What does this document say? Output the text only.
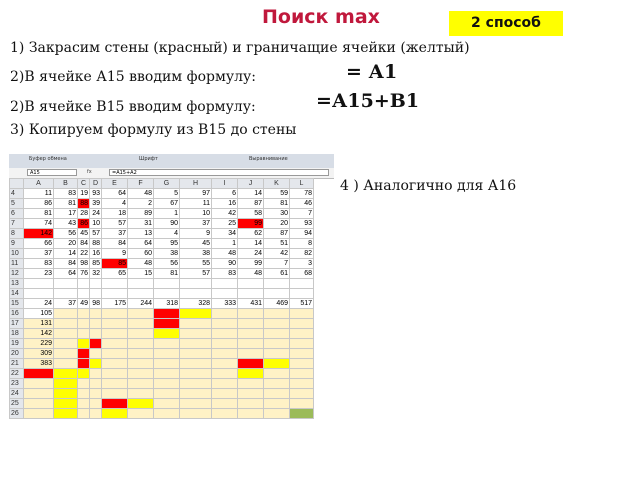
Поиск max	2 способ
1) Закрасим стены (красный) и граничащие ячейки (желтый)
2)В ячейке А15 вводим формулу:	= А1
2)В ячейке В15 вводим формулу:	=А15+В1
3) Копируем формулу из В15 до стены
4 ) Аналогично для А16
Буфер обмена	Шрифт	Выравнивание
А15	fx	=А15+А2
	A	B	C	D	E	F	G	H	I	J	K	L
4	11	83	19	93	64	48	5	97	6	14	59	78
5	86	81	88	39	4	2	67	11	16	87	81	46
6	81	17	28	24	18	89	1	10	42	58	30	7
7	74	43	86	10	57	31	90	37	25	99	20	93
8	142	56	45	57	37	13	4	9	34	62	87	94
9	66	20	84	88	84	64	95	45	1	14	51	8
10	37	14	22	16	9	60	38	38	48	24	42	82
11	83	84	98	85	85	48	56	55	90	99	7	3
12	23	64	76	32	65	15	81	57	83	48	61	68
13												
14												
15	24	37	49	98	175	244	318	328	333	431	469	517
16	105											
17	131											
18	142											
19	229											
20	309											
21	383											
22												
23												
24												
25												
26												
